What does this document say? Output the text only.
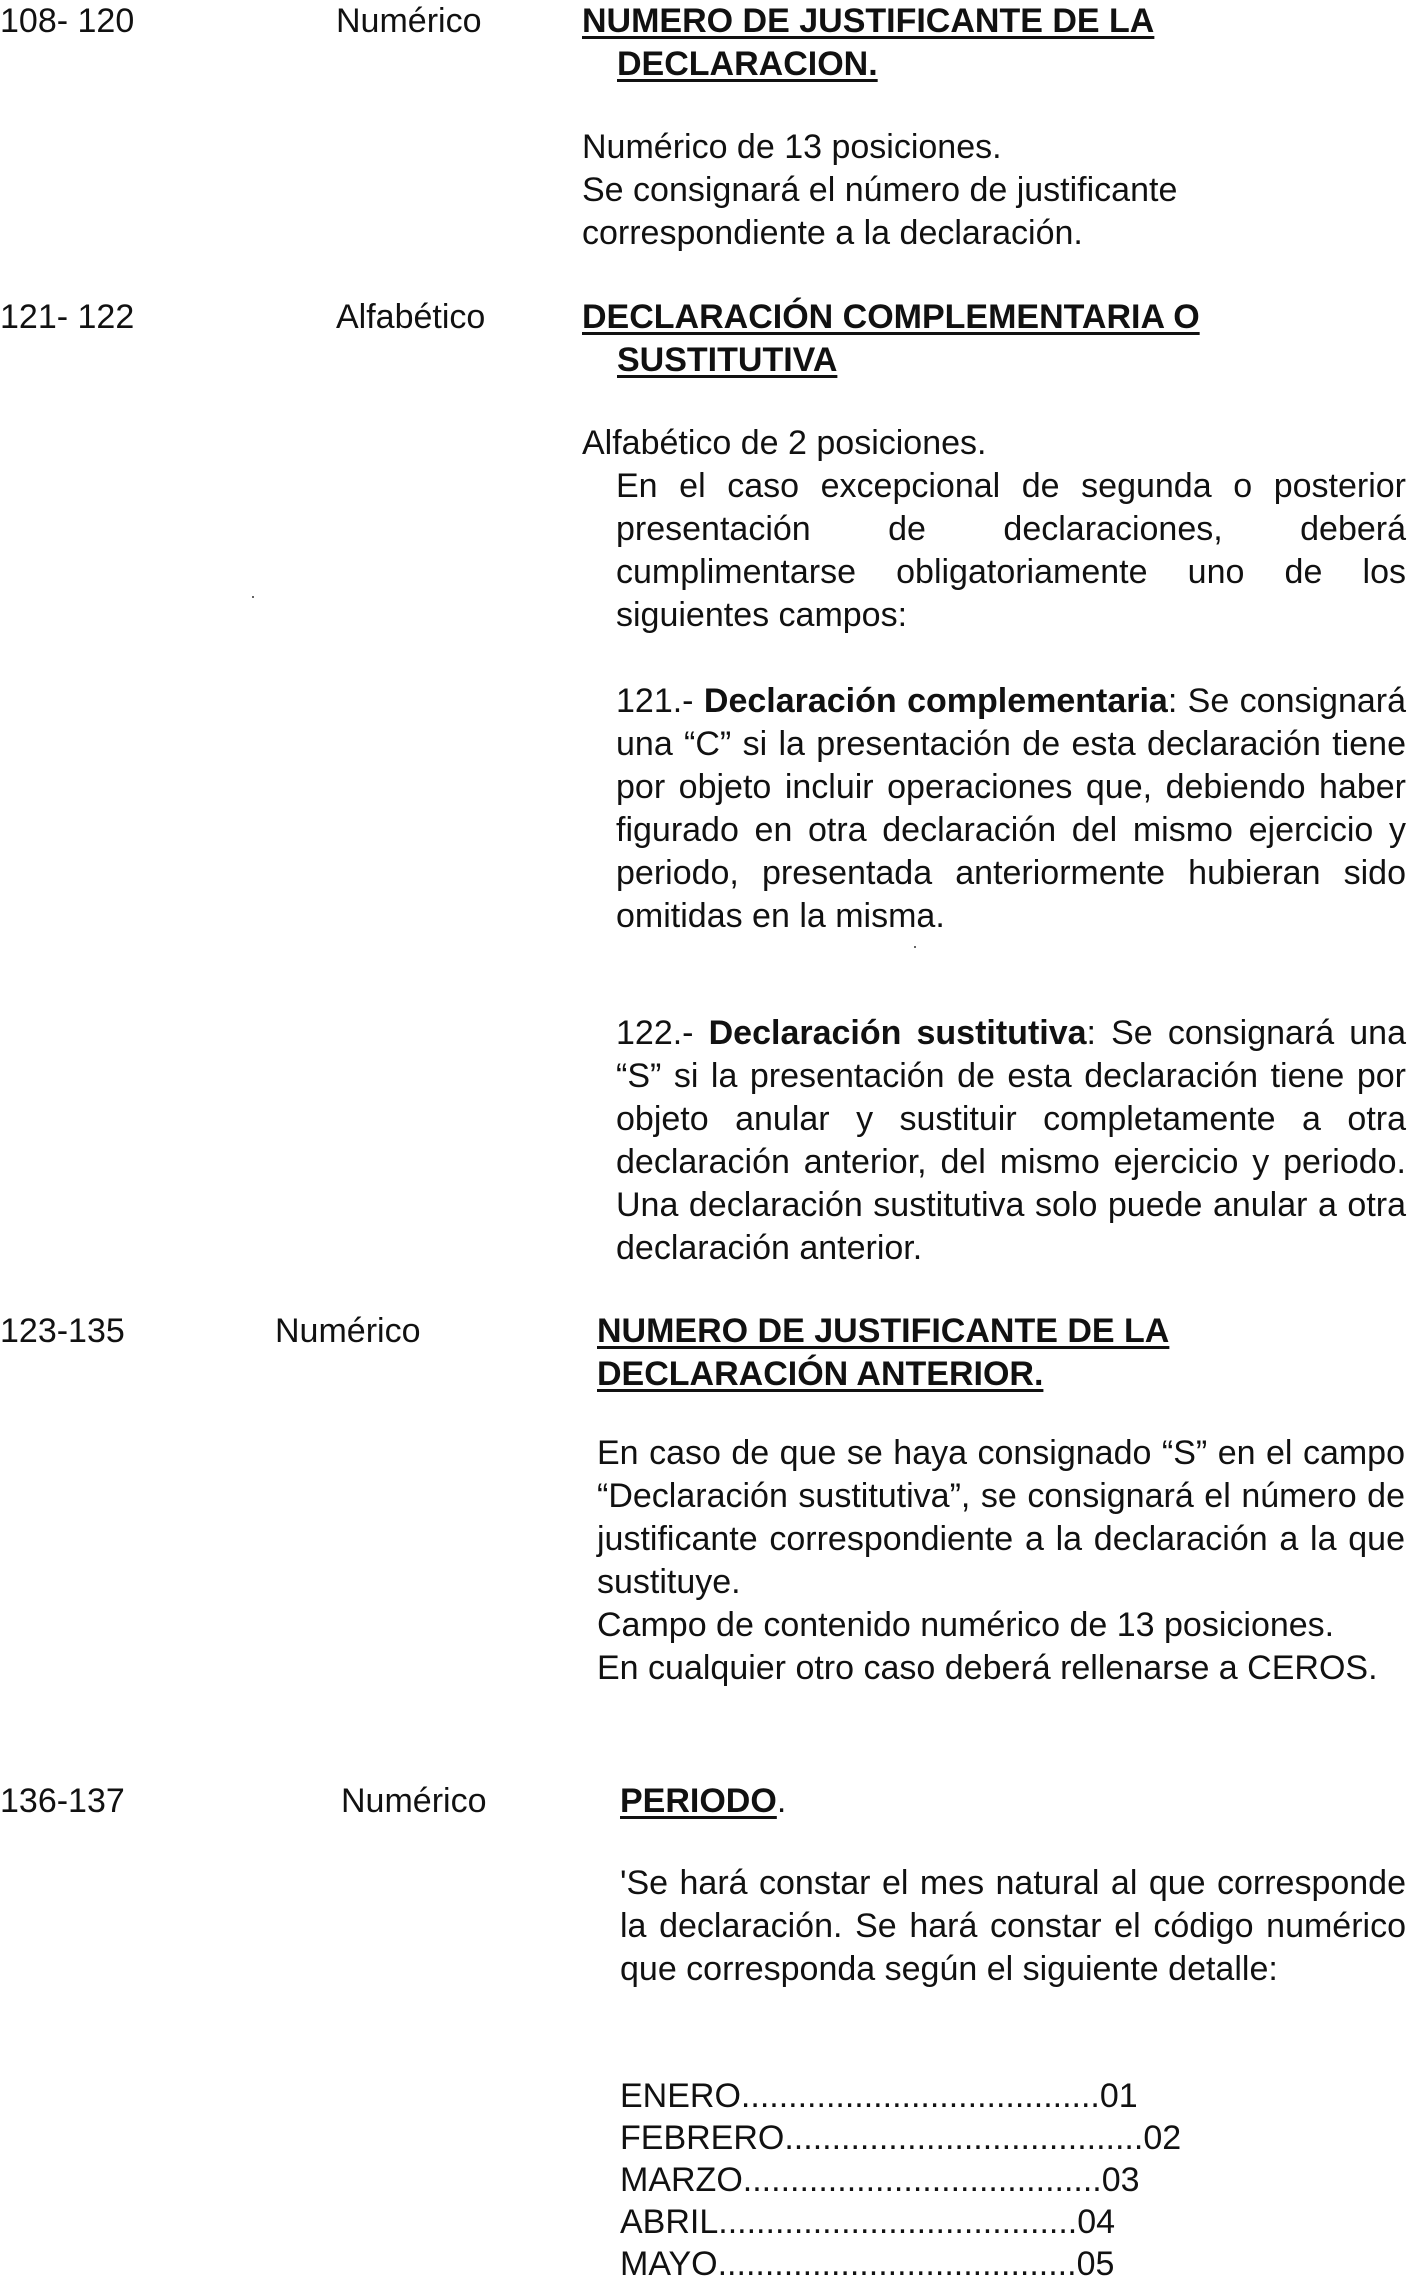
108- 120	Numérico	NUMERO DE JUSTIFICANTE DE LA
DECLARACION.
Numérico de 13 posiciones.
Se consignará el número de justificante
correspondiente a la declaración.
121- 122	Alfabético	DECLARACIÓN COMPLEMENTARIA O
SUSTITUTIVA
Alfabético de 2 posiciones.
En el caso excepcional de segunda o posterior presentación de declaraciones, deberá cumplimentarse obligatoriamente uno de los siguientes campos:
121.- Declaración complementaria: Se consignará una “C” si la presentación de esta declaración tiene por objeto incluir operaciones que, debiendo haber figurado en otra declaración del mismo ejercicio y periodo, presentada anteriormente hubieran sido omitidas en la misma.
122.- Declaración sustitutiva: Se consignará una “S” si la presentación de esta declaración tiene por objeto anular y sustituir completamente a otra declaración anterior, del mismo ejercicio y periodo. Una declaración sustitutiva solo puede anular a otra declaración anterior.
123-135	Numérico	NUMERO DE JUSTIFICANTE DE LA
DECLARACIÓN ANTERIOR.
En caso de que se haya consignado “S” en el campo “Declaración sustitutiva”, se consignará el número de justificante correspondiente a la declaración a la que sustituye.
Campo de contenido numérico de 13 posiciones.
En cualquier otro caso deberá rellenarse a CEROS.
136-137	Numérico	PERIODO.
'Se hará constar el mes natural al que corresponde la declaración. Se hará constar el código numérico que corresponda según el siguiente detalle:
ENERO ...................................... 01
FEBRERO ...................................... 02
MARZO ...................................... 03
ABRIL ...................................... 04
MAYO ...................................... 05
